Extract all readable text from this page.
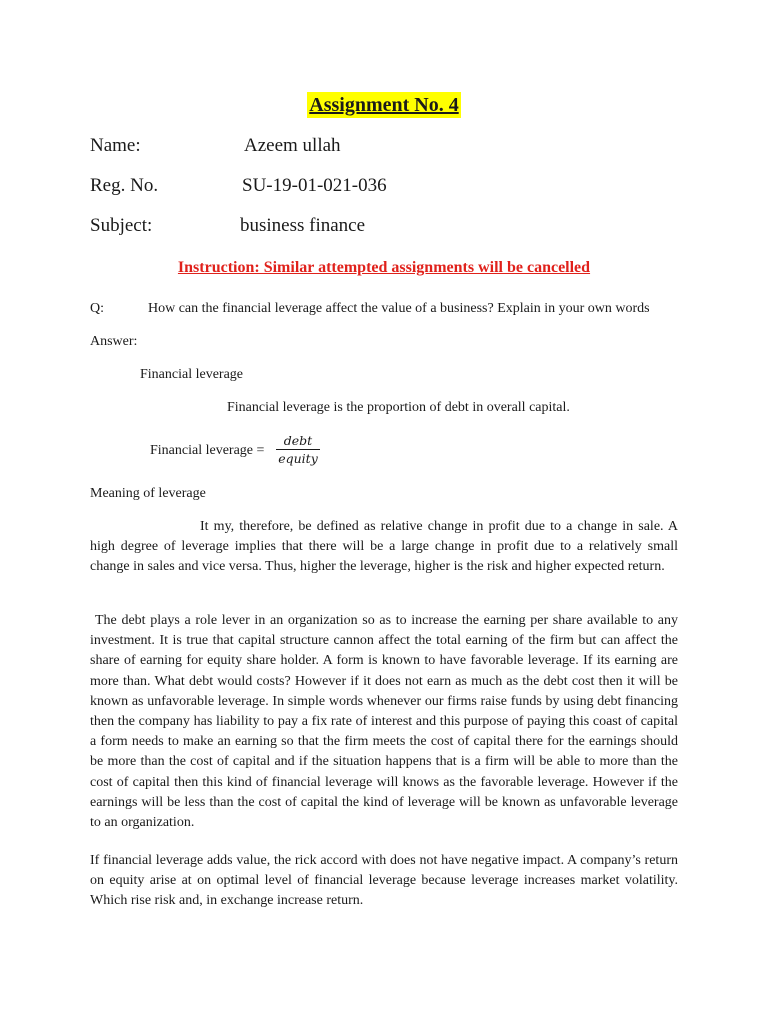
Assignment No. 4
Name:	Azeem ullah
Reg. No.	SU-19-01-021-036
Subject:	business finance
Instruction: Similar attempted assignments will be cancelled
Q:	How can the financial leverage affect the value of a business? Explain in your own words
Answer:
Financial leverage
Financial leverage is the proportion of debt in overall capital.
Financial leverage =
debt
equity
Meaning of leverage
It my, therefore, be defined as relative change in profit due to a change in sale. A high degree of leverage implies that there will be a large change in profit due to a relatively small change in sales and vice versa. Thus, higher the leverage, higher is the risk and higher expected return.
The debt plays a role lever in an organization so as to increase the earning per share available to any investment. It is true that capital structure cannon affect the total earning of the firm but can affect the share of earning for equity share holder. A form is known to have favorable leverage. If its earning are more than. What debt would costs? However if it does not earn as much as the debt cost then it will be known as unfavorable leverage. In simple words whenever our firms raise funds by using debt financing then the company has liability to pay a fix rate of interest and this purpose of paying this coast of capital a form needs to make an earning so that the firm meets the cost of capital there for the earnings should be more than the cost of capital and if the situation happens that is a firm will be able to more than the cost of capital then this kind of financial leverage will knows as the favorable leverage. However if the earnings will be less than the cost of capital the kind of leverage will be known as unfavorable leverage to an organization.
If financial leverage adds value, the rick accord with does not have negative impact. A company’s return on equity arise at on optimal level of financial leverage because leverage increases market volatility. Which rise risk and, in exchange increase return.
